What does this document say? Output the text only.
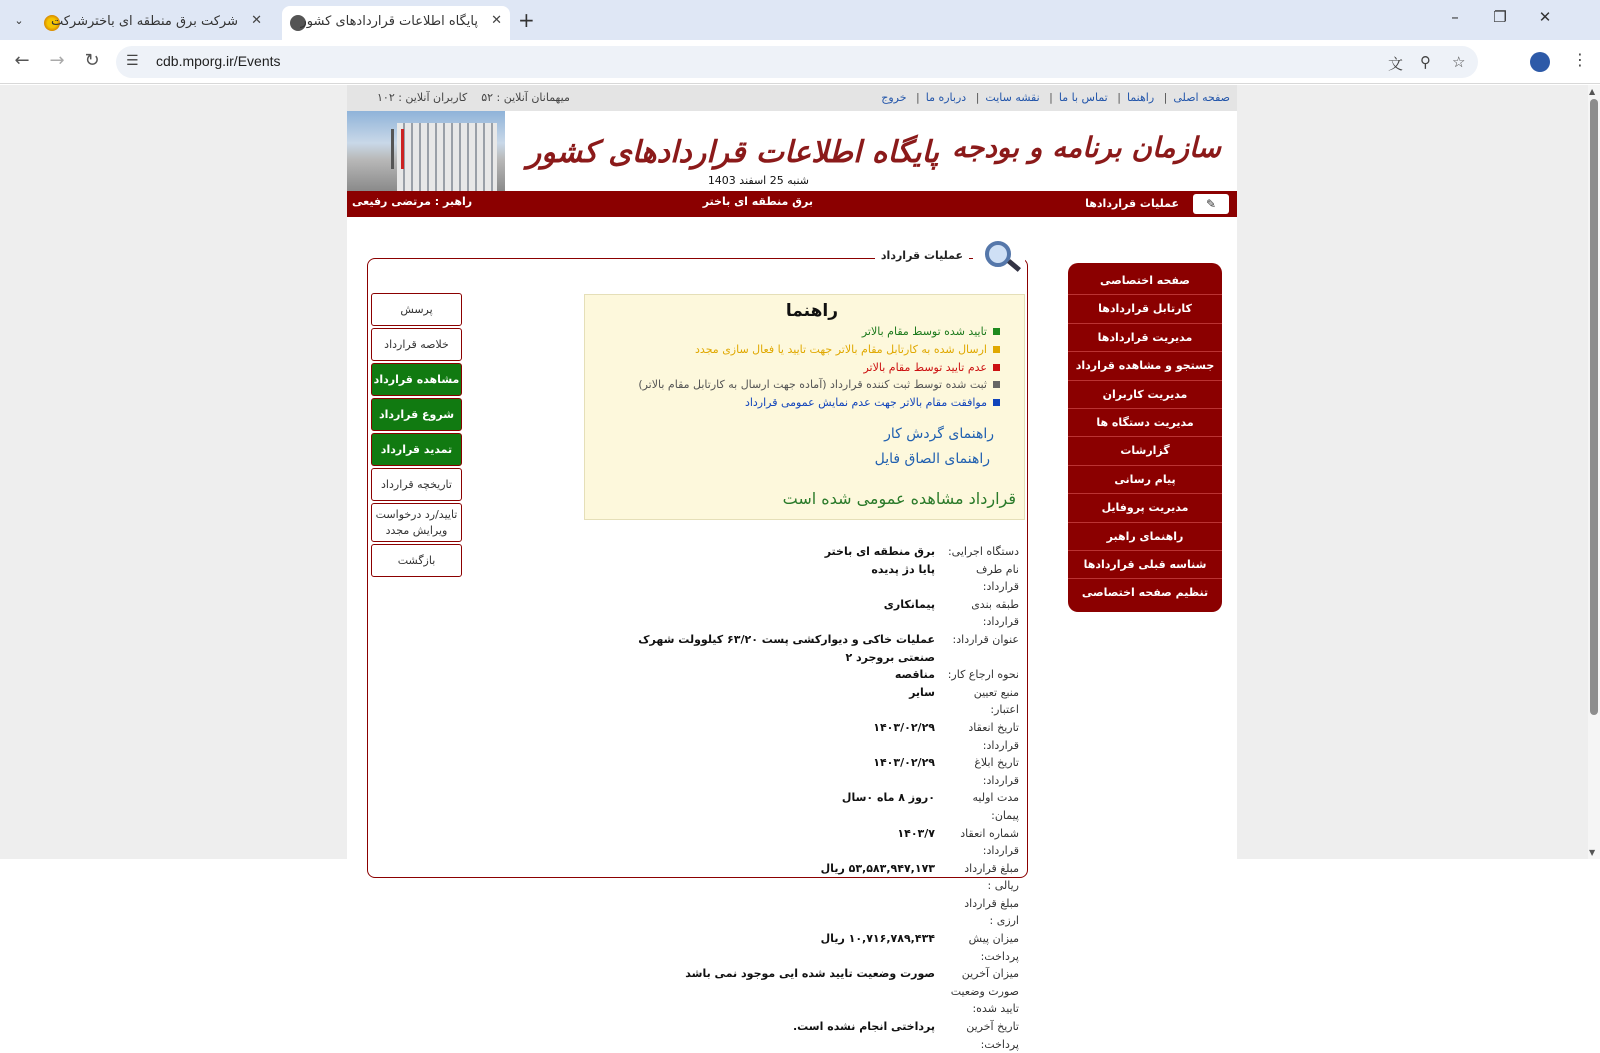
⌄	شرکت برق منطقه ای باخترشرکت ✕	پایگاه اطلاعات قراردادهای کشور ✕ +	–	❐	✕
← → ↻	☰ cdb.mporg.ir/Events	文 ⚲ ☆	⋮
صفحه اصلی| راهنما| تماس با ما| نقشه سایت| درباره ما| خروج
میهمانان آنلاین : ۵۲    کاربران آنلاین : ۱۰۲
سازمان برنامه و بودجه
پایگاه اطلاعات قراردادهای کشور
شنبه 25 اسفند 1403
✎
عملیات قراردادها
برق منطقه ای باختر
راهبر : مرتضی رفیعی
صفحه اختصاصی
کارتابل قراردادها
مدیریت قراردادها
جستجو و مشاهده قرارداد
مدیریت کاربران
مدیریت دستگاه ها
گزارشات
پیام رسانی
مدیریت پروفایل
راهنمای راهبر
شناسه قبلی قراردادها
تنظیم صفحه اختصاصی
عملیات قرارداد
پرسش
خلاصه قرارداد
مشاهده قرارداد
شروع قرارداد
تمدید قرارداد
تاریخچه قرارداد
تایید/رد درخواست ویرایش مجدد
بازگشت
راهنما
تایید شده توسط مقام بالاتر
ارسال شده به کارتابل مقام بالاتر جهت تایید یا فعال سازی مجدد
عدم تایید توسط مقام بالاتر
ثبت شده توسط ثبت کننده قرارداد (آماده جهت ارسال به کارتابل مقام بالاتر)
موافقت مقام بالاتر جهت عدم نمایش عمومی قرارداد
راهنمای گردش کار
راهنمای الصاق فایل
قرارداد مشاهده عمومی شده است
دستگاه اجرایی:
برق منطقه ای باختر
نام طرف قرارداد:
پایا دژ پدیده
طبقه بندی قرارداد:
پیمانکاری
عنوان قرارداد:
عملیات خاکی و دیوارکشی پست ۶۳/۲۰ کیلوولت شهرک صنعتی بروجرد ۲
نحوه ارجاع کار:
مناقصه
منبع تعیین اعتبار:
سایر
تاریخ انعقاد قرارداد:
۱۴۰۳/۰۲/۲۹
تاریخ ابلاغ قرارداد:
۱۴۰۳/۰۲/۲۹
مدت اولیه پیمان:
۰روز ۸ ماه ۰سال
شماره انعقاد قرارداد:
۱۴۰۳/۷
مبلغ قرارداد ریالی :
۵۳,۵۸۳,۹۴۷,۱۷۳ ریال
مبلغ قرارداد ارزی :
میزان پیش پرداخت:
۱۰,۷۱۶,۷۸۹,۴۳۴ ریال
میزان آخرین صورت وضعیت تایید شده:
صورت وضعیت تایید شده ایی موجود نمی باشد
تاریخ آخرین پرداخت:
پرداختی انجام نشده است.
▲
▼
